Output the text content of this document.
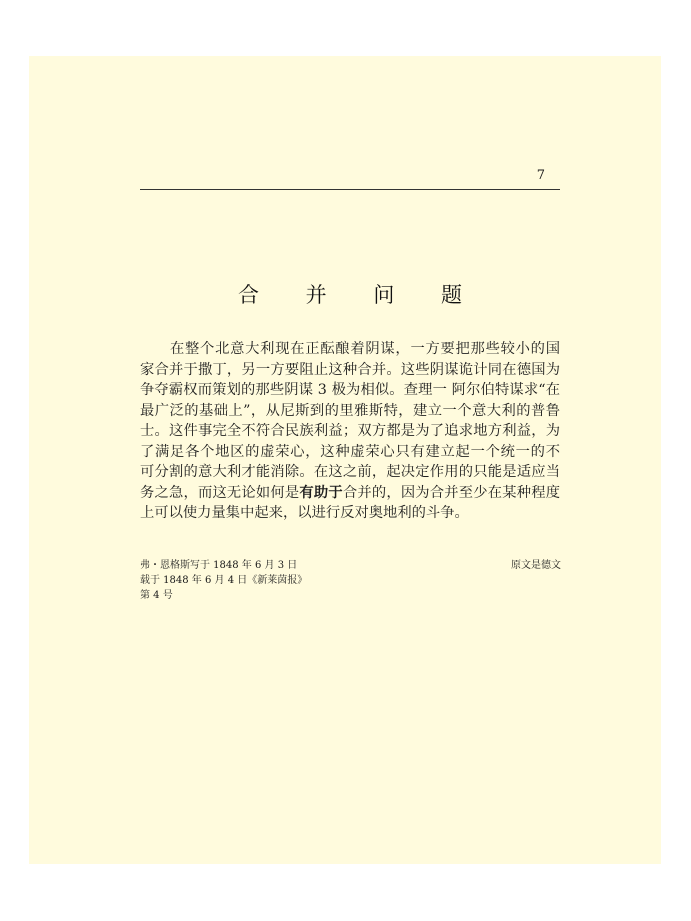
7
合 并 问 题
在整个北意大利现在正酝酿着阴谋，一方要把那些较小的国
家合并于撒丁，另一方要阻止这种合并。这些阴谋诡计同在德国为
争夺霸权而策划的那些阴谋 3 极为相似。查理一 阿尔伯特谋求“在
最广泛的基础上”，从尼斯到的里雅斯特，建立一个意大利的普鲁
士。这件事完全不符合民族利益；双方都是为了追求地方利益，为
了满足各个地区的虚荣心，这种虚荣心只有建立起一个统一的不
可分割的意大利才能消除。在这之前，起决定作用的只能是适应当
务之急，而这无论如何是有助于合并的，因为合并至少在某种程度
上可以使力量集中起来，以进行反对奥地利的斗争。
弗・恩格斯写于 1848 年 6 月 3 日
载于 1848 年 6 月 4 日《新莱茵报》
第 4 号
原文是德文
